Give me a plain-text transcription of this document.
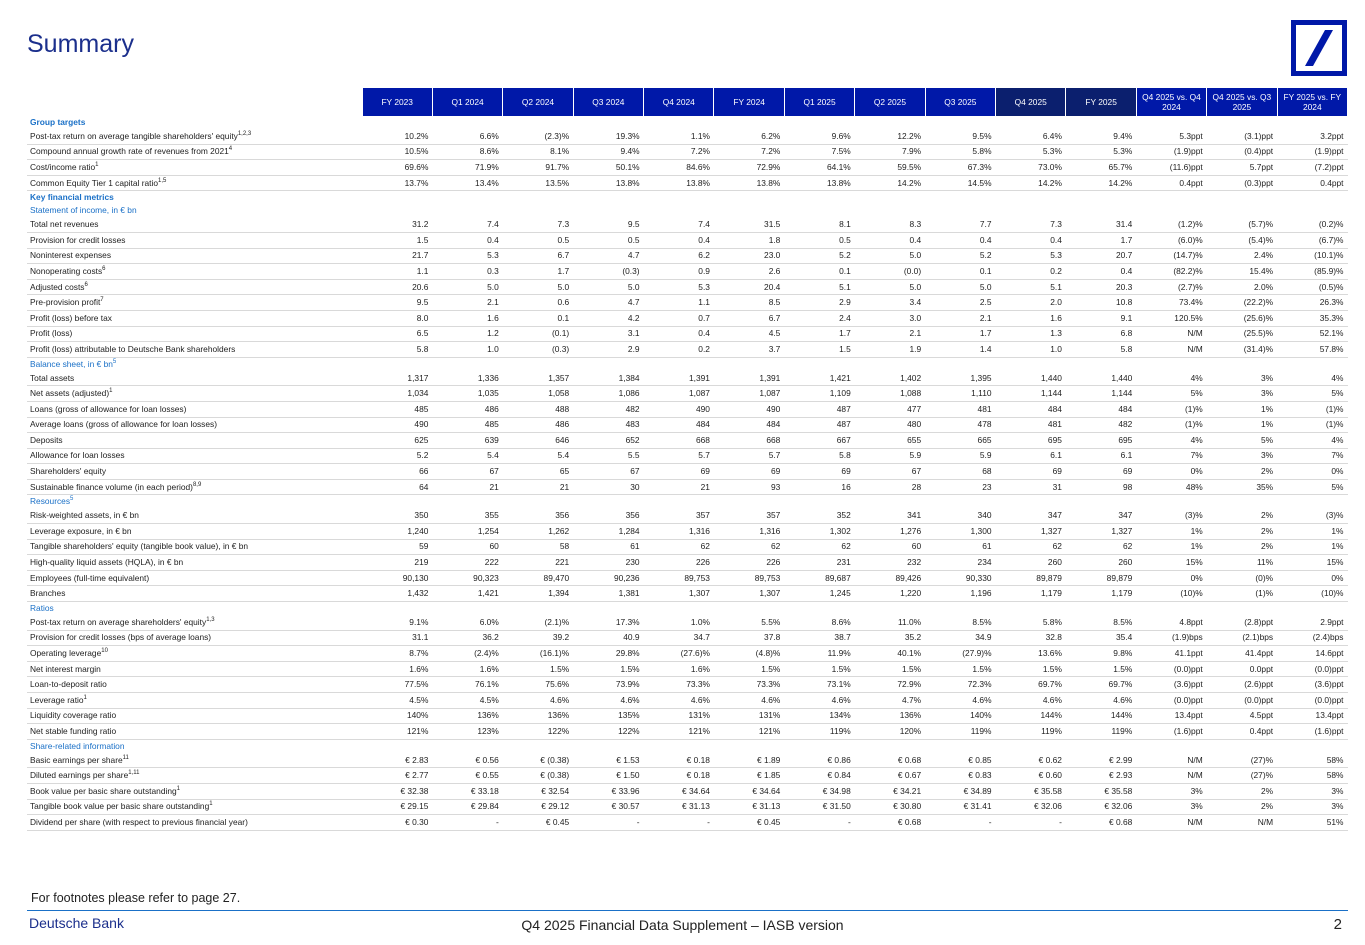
Summary
	FY 2023	Q1 2024	Q2 2024	Q3 2024	Q4 2024	FY 2024	Q1 2025	Q2 2025	Q3 2025	Q4 2025	FY 2025	Q4 2025 vs. Q4 2024	Q4 2025 vs. Q3 2025	FY 2025 vs. FY 2024
Group targets														
Post-tax return on average tangible shareholders' equity$^{1,2,3}$	10.2%	6.6%	(2.3)%	19.3%	1.1%	6.2%	9.6%	12.2%	9.5%	6.4%	9.4%	5.3ppt	(3.1)ppt	3.2ppt
Compound annual growth rate of revenues from 2021$^4$	10.5%	8.6%	8.1%	9.4%	7.2%	7.2%	7.5%	7.9%	5.8%	5.3%	5.3%	(1.9)ppt	(0.4)ppt	(1.9)ppt
Cost/income ratio$^1$	69.6%	71.9%	91.7%	50.1%	84.6%	72.9%	64.1%	59.5%	67.3%	73.0%	65.7%	(11.6)ppt	5.7ppt	(7.2)ppt
Common Equity Tier 1 capital ratio$^{1,5}$	13.7%	13.4%	13.5%	13.8%	13.8%	13.8%	13.8%	14.2%	14.5%	14.2%	14.2%	0.4ppt	(0.3)ppt	0.4ppt
Key financial metrics														
Statement of income, in € bn														
Total net revenues	31.2	7.4	7.3	9.5	7.4	31.5	8.1	8.3	7.7	7.3	31.4	(1.2)%	(5.7)%	(0.2)%
Provision for credit losses	1.5	0.4	0.5	0.5	0.4	1.8	0.5	0.4	0.4	0.4	1.7	(6.0)%	(5.4)%	(6.7)%
Noninterest expenses	21.7	5.3	6.7	4.7	6.2	23.0	5.2	5.0	5.2	5.3	20.7	(14.7)%	2.4%	(10.1)%
Nonoperating costs$^6$	1.1	0.3	1.7	(0.3)	0.9	2.6	0.1	(0.0)	0.1	0.2	0.4	(82.2)%	15.4%	(85.9)%
Adjusted costs$^6$	20.6	5.0	5.0	5.0	5.3	20.4	5.1	5.0	5.0	5.1	20.3	(2.7)%	2.0%	(0.5)%
Pre-provision profit$^7$	9.5	2.1	0.6	4.7	1.1	8.5	2.9	3.4	2.5	2.0	10.8	73.4%	(22.2)%	26.3%
Profit (loss) before tax	8.0	1.6	0.1	4.2	0.7	6.7	2.4	3.0	2.1	1.6	9.1	120.5%	(25.6)%	35.3%
Profit (loss)	6.5	1.2	(0.1)	3.1	0.4	4.5	1.7	2.1	1.7	1.3	6.8	N/M	(25.5)%	52.1%
Profit (loss) attributable to Deutsche Bank shareholders	5.8	1.0	(0.3)	2.9	0.2	3.7	1.5	1.9	1.4	1.0	5.8	N/M	(31.4)%	57.8%
Balance sheet, in € $bn^5$
Total assets	1,317	1,336	1,357	1,384	1,391	1,391	1,421	1,402	1,395	1,440	1,440	4%	3%	4%
Net assets (adjusted)$^1$	1,034	1,035	1,058	1,086	1,087	1,087	1,109	1,088	1,110	1,144	1,144	5%	3%	5%
Loans (gross of allowance for loan losses)	485	486	488	482	490	490	487	477	481	484	484	(1)%	1%	(1)%
Average loans (gross of allowance for loan losses)	490	485	486	483	484	484	487	480	478	481	482	(1)%	1%	(1)%
Deposits	625	639	646	652	668	668	667	655	665	695	695	4%	5%	4%
Allowance for loan losses	5.2	5.4	5.4	5.5	5.7	5.7	5.8	5.9	5.9	6.1	6.1	7%	3%	7%
Shareholders' equity	66	67	65	67	69	69	69	67	68	69	69	0%	2%	0%
Sustainable finance volume (in each period)$^{8,9}$	64	21	21	30	21	93	16	28	23	31	98	48%	35%	5%
Resources$^5$
Risk-weighted assets, in € bn	350	355	356	356	357	357	352	341	340	347	347	(3)%	2%	(3)%
Leverage exposure, in € bn	1,240	1,254	1,262	1,284	1,316	1,316	1,302	1,276	1,300	1,327	1,327	1%	2%	1%
Tangible shareholders' equity (tangible book value), in € bn	59	60	58	61	62	62	62	60	61	62	62	1%	2%	1%
High-quality liquid assets (HQLA), in € bn	219	222	221	230	226	226	231	232	234	260	260	15%	11%	15%
Employees (full-time equivalent)	90,130	90,323	89,470	90,236	89,753	89,753	89,687	89,426	90,330	89,879	89,879	0%	(0)%	0%
Branches	1,432	1,421	1,394	1,381	1,307	1,307	1,245	1,220	1,196	1,179	1,179	(10)%	(1)%	(10)%
Ratios														
Post-tax return on average shareholders' equity$^{1,3}$	9.1%	6.0%	(2.1)%	17.3%	1.0%	5.5%	8.6%	11.0%	8.5%	5.8%	8.5%	4.8ppt	(2.8)ppt	2.9ppt
Provision for credit losses (bps of average loans)	31.1	36.2	39.2	40.9	34.7	37.8	38.7	35.2	34.9	32.8	35.4	(1.9)bps	(2.1)bps	(2.4)bps
Operating leverage$^{10}$	8.7%	(2.4)%	(16.1)%	29.8%	(27.6)%	(4.8)%	11.9%	40.1%	(27.9)%	13.6%	9.8%	41.1ppt	41.4ppt	14.6ppt
Net interest margin	1.6%	1.6%	1.5%	1.5%	1.6%	1.5%	1.5%	1.5%	1.5%	1.5%	1.5%	(0.0)ppt	0.0ppt	(0.0)ppt
Loan-to-deposit ratio	77.5%	76.1%	75.6%	73.9%	73.3%	73.3%	73.1%	72.9%	72.3%	69.7%	69.7%	(3.6)ppt	(2.6)ppt	(3.6)ppt
Leverage ratio$^1$	4.5%	4.5%	4.6%	4.6%	4.6%	4.6%	4.6%	4.7%	4.6%	4.6%	4.6%	(0.0)ppt	(0.0)ppt	(0.0)ppt
Liquidity coverage ratio	140%	136%	136%	135%	131%	131%	134%	136%	140%	144%	144%	13.4ppt	4.5ppt	13.4ppt
Net stable funding ratio	121%	123%	122%	122%	121%	121%	119%	120%	119%	119%	119%	(1.6)ppt	0.4ppt	(1.6)ppt
Share-related information														
Basic earnings per share$^{11}$	€ 2.83	€ 0.56	€ (0.38)	€ 1.53	€ 0.18	€ 1.89	€ 0.86	€ 0.68	€ 0.85	€ 0.62	€ 2.99	N/M	(27)%	58%
Diluted earnings per share$^{1,11}$	€ 2.77	€ 0.55	€ (0.38)	€ 1.50	€ 0.18	€ 1.85	€ 0.84	€ 0.67	€ 0.83	€ 0.60	€ 2.93	N/M	(27)%	58%
Book value per basic share outstanding$^1$	€ 32.38	€ 33.18	€ 32.54	€ 33.96	€ 34.64	€ 34.64	€ 34.98	€ 34.21	€ 34.89	€ 35.58	€ 35.58	3%	2%	3%
Tangible book value per basic share outstanding$^1$	€ 29.15	€ 29.84	€ 29.12	€ 30.57	€ 31.13	€ 31.13	€ 31.50	€ 30.80	€ 31.41	€ 32.06	€ 32.06	3%	2%	3%
Dividend per share (with respect to previous financial year)	€ 0.30	-	€ 0.45	-	-	€ 0.45	-	€ 0.68	-	-	€ 0.68	N/M	N/M	51%
For footnotes please refer to page 27.
Deutsche Bank	Q4 2025 Financial Data Supplement – IASB version	2
